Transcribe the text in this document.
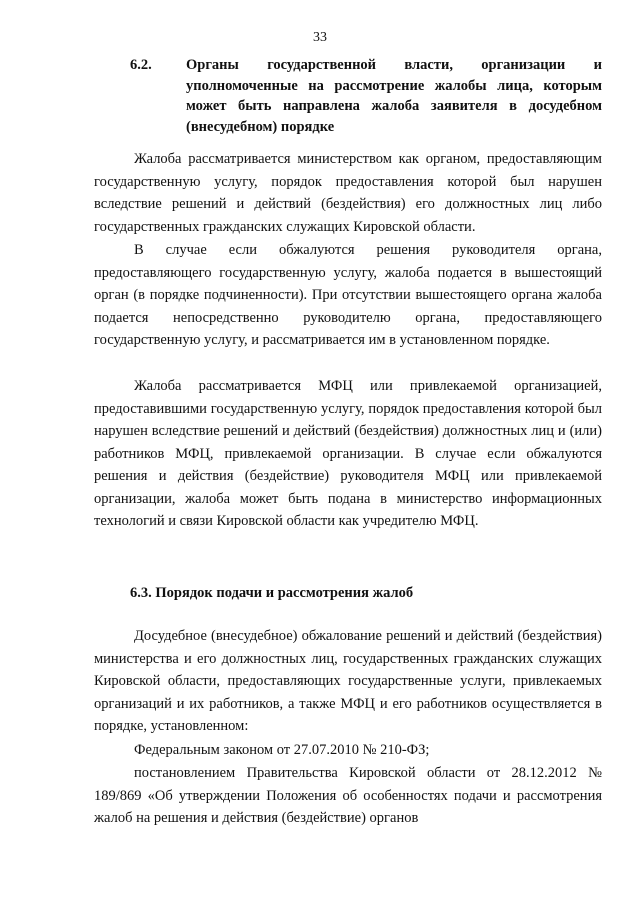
33
6.2. Органы государственной власти, организации и уполномоченные на рассмотрение жалобы лица, которым может быть направлена жалоба заявителя в досудебном (внесудебном) порядке

Жалоба рассматривается министерством как органом, предоставляющим государственную услугу, порядок предоставления которой был нарушен вследствие решений и действий (бездействия) его должностных лиц либо государственных гражданских служащих Кировской области.

В случае если обжалуются решения руководителя органа, предоставляющего государственную услугу, жалоба подается в вышестоящий орган (в порядке подчиненности). При отсутствии вышестоящего органа жалоба подается непосредственно руководителю органа, предоставляющего государственную услугу, и рассматривается им в установленном порядке.

Жалоба рассматривается МФЦ или привлекаемой организацией, предоставившими государственную услугу, порядок предоставления которой был нарушен вследствие решений и действий (бездействия) должностных лиц и (или) работников МФЦ, привлекаемой организации. В случае если обжалуются решения и действия (бездействие) руководителя МФЦ или привлекаемой организации, жалоба может быть подана в министерство информационных технологий и связи Кировской области как учредителю МФЦ.

6.3. Порядок подачи и рассмотрения жалоб

Досудебное (внесудебное) обжалование решений и действий (бездействия) министерства и его должностных лиц, государственных гражданских служащих Кировской области, предоставляющих государственные услуги, привлекаемых организаций и их работников, а также МФЦ и его работников осуществляется в порядке, установленном:

Федеральным законом от 27.07.2010 № 210-ФЗ;

постановлением Правительства Кировской области от 28.12.2012 № 189/869 «Об утверждении Положения об особенностях подачи и рассмотрения жалоб на решения и действия (бездействие) органов
